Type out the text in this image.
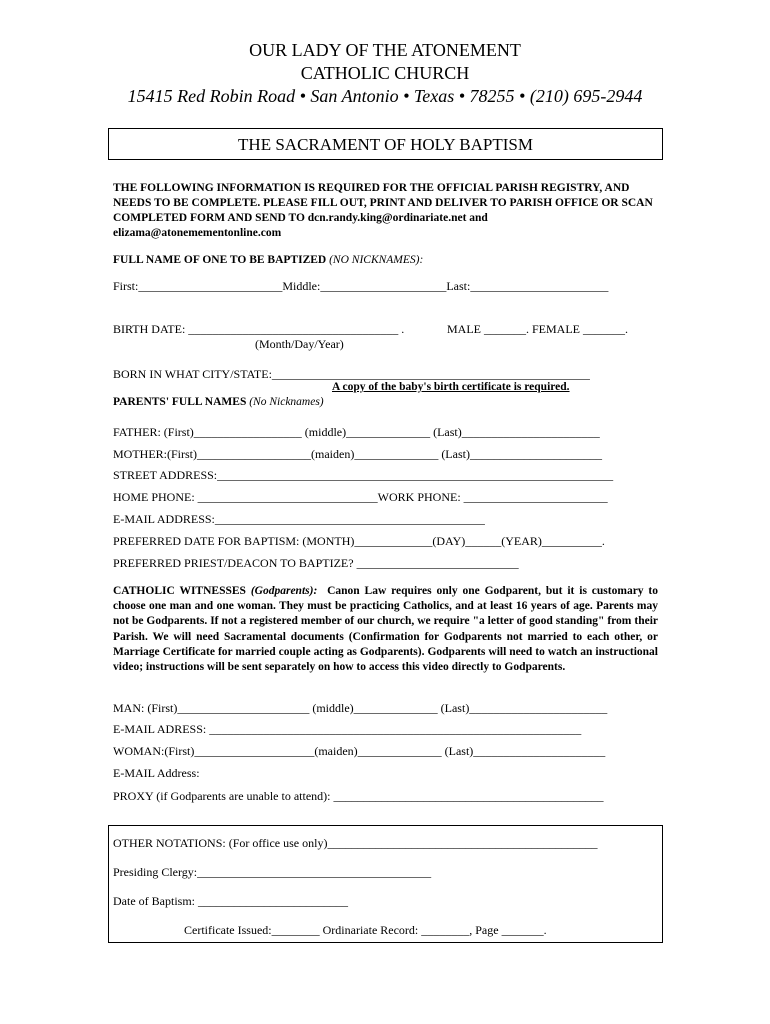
OUR LADY OF THE ATONEMENT
CATHOLIC CHURCH
15415 Red Robin Road • San Antonio • Texas • 78255 • (210) 695-2944
THE SACRAMENT OF HOLY BAPTISM
THE FOLLOWING INFORMATION IS REQUIRED FOR THE OFFICIAL PARISH REGISTRY, AND NEEDS TO BE COMPLETE. PLEASE FILL OUT, PRINT AND DELIVER TO PARISH OFFICE OR SCAN COMPLETED FORM AND SEND TO dcn.randy.king@ordinariate.net and elizama@atonemementonline.com
FULL NAME OF ONE TO BE BAPTIZED (NO NICKNAMES):
First:________________________Middle:_____________________Last:_______________________
BIRTH DATE: ___________________________________ .	MALE _______. FEMALE _______.
(Month/Day/Year)
BORN IN WHAT CITY/STATE:_____________________________________________________
A copy of the baby's birth certificate is required.
PARENTS' FULL NAMES (No Nicknames)
FATHER: (First)__________________ (middle)______________ (Last)_______________________
MOTHER:(First)___________________(maiden)______________ (Last)______________________
STREET ADDRESS:__________________________________________________________________
HOME PHONE: ______________________________WORK PHONE: ________________________
E-MAIL ADDRESS:_____________________________________________
PREFERRED DATE FOR BAPTISM: (MONTH)_____________(DAY)______(YEAR)__________.
PREFERRED PRIEST/DEACON TO BAPTIZE? ___________________________
CATHOLIC WITNESSES (Godparents): Canon Law requires only one Godparent, but it is customary to choose one man and one woman. They must be practicing Catholics, and at least 16 years of age. Parents may not be Godparents. If not a registered member of our church, we require "a letter of good standing" from their Parish. We will need Sacramental documents (Confirmation for Godparents not married to each other, or Marriage Certificate for married couple acting as Godparents). Godparents will need to watch an instructional video; instructions will be sent separately on how to access this video directly to Godparents.
MAN: (First)______________________ (middle)______________ (Last)_______________________
E-MAIL ADRESS: ______________________________________________________________
WOMAN:(First)____________________(maiden)______________ (Last)______________________
E-MAIL Address:
PROXY (if Godparents are unable to attend): _____________________________________________
OTHER NOTATIONS: (For office use only)_____________________________________________
Presiding Clergy:_______________________________________
Date of Baptism: _________________________
Certificate Issued:________ Ordinariate Record: ________, Page _______.
